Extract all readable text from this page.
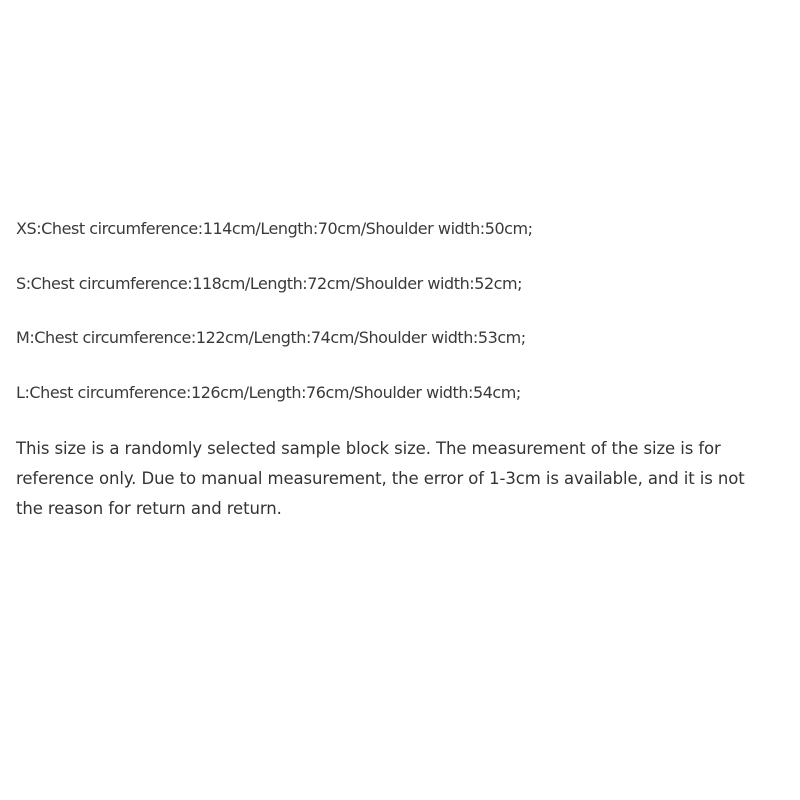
XS:Chest circumference:114cm/Length:70cm/Shoulder width:50cm;

S:Chest circumference:118cm/Length:72cm/Shoulder width:52cm;

M:Chest circumference:122cm/Length:74cm/Shoulder width:53cm;

L:Chest circumference:126cm/Length:76cm/Shoulder width:54cm;

This size is a randomly selected sample block size. The measurement of the size is for
reference only. Due to manual measurement, the error of 1-3cm is available, and it is not
the reason for return and return.
